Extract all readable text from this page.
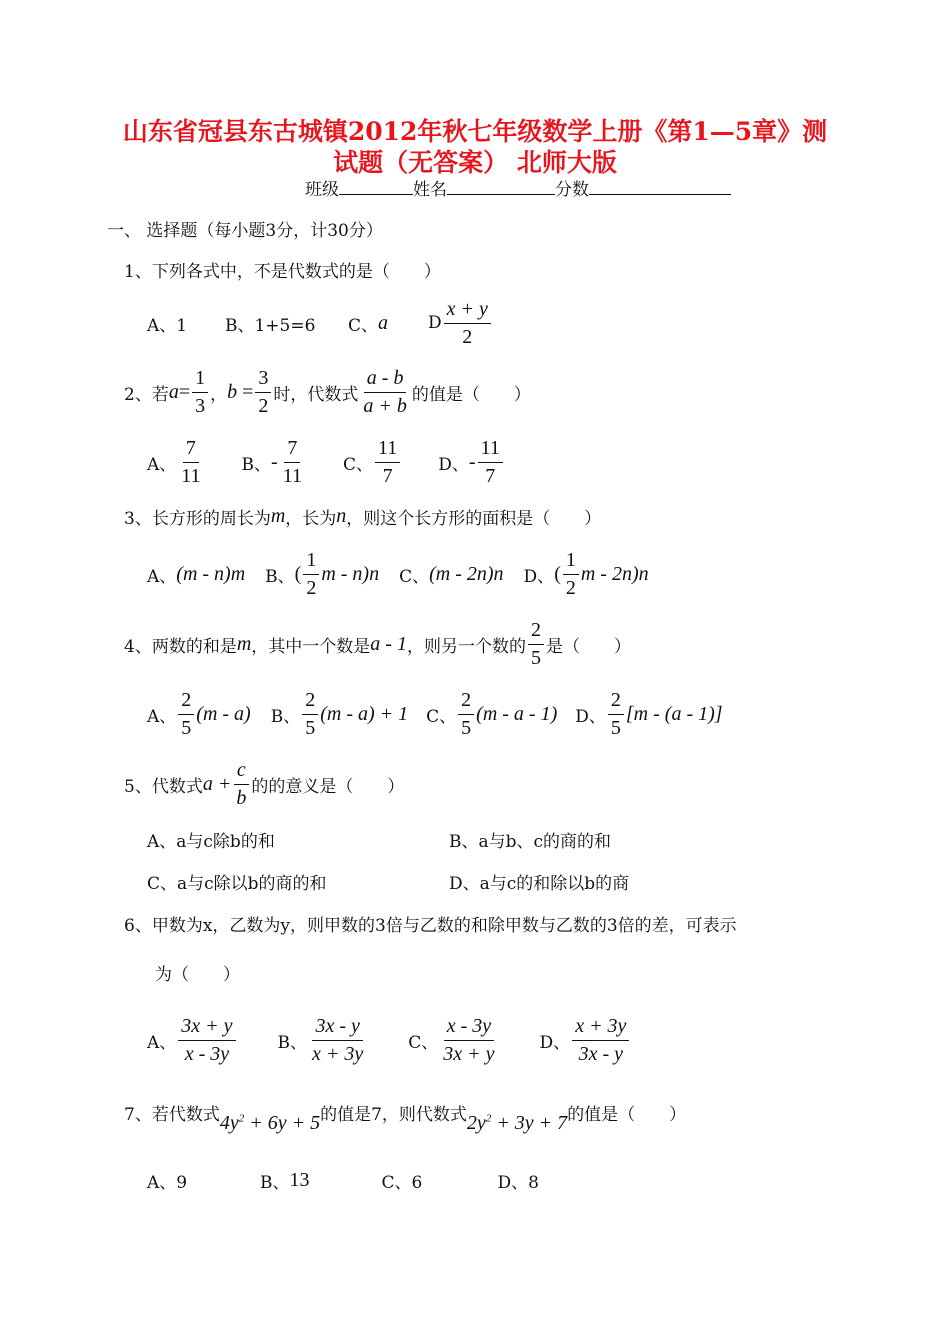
山东省冠县东古城镇2012年秋七年级数学上册《第1—5章》测
试题（无答案） 北师大版
班级	姓名	分数
一、 选择题（每小题3分，计30分）
1、下列各式中，不是代数式的是（　　）
A、1	B、1+5=6	C、 a	D $\frac{x + y}{2}$
2、若 $a = \frac{1}{3}$ ， $b = \frac{3}{2}$ 时，代数式 $\frac{a - b}{a + b}$ 的值是（　　）
A、 $\frac{7}{11}$ B、 - $\frac{7}{11}$ C、 $\frac{11}{7}$ D、 - $\frac{11}{7}$
3、长方形的周长为 m ，长为 n ，则这个长方形的面积是（　　）
A、 (m - n)m B、 ( $\frac{1}{2}$ m - n)n C、 (m - 2n)n D、 ( $\frac{1}{2}$ m - 2n)n
4、两数的和是 m ，其中一个数是 a - 1 ，则另一个数的 $\frac{2}{5}$ 是（　　）
A、 $\frac{2}{5} (m - a)$ B、 $\frac{2}{5} (m - a) + 1$ C、 $\frac{2}{5} (m$ - a - 1) D、 $\frac{2}{5} [m - (a - 1)]$
5、代数式 $a + \frac{c}{b}$ 的的意义是（　　）
A、a与c除b的和	B、a与b、c的商的和
C、a与c除以b的商的和	D、a与c的和除以b的商
6、甲数为x，乙数为y，则甲数的3倍与乙数的和除甲数与乙数的3倍的差，可表示
为（　　）
A、 $\frac{3x + y}{x - 3y}$ B、 $\frac{3x - y}{x + 3y}$ C、 $\frac{x - 3y}{3x + y}$ D、 $\frac{x + 3y}{3x - y}$
7、若代数式 $4y^2 + 6y + 5$ 的值是7，则代数式 $2y^2 + 3y + 7$ 的值是（　　）
A、9	B、 13	C、6	D、8
